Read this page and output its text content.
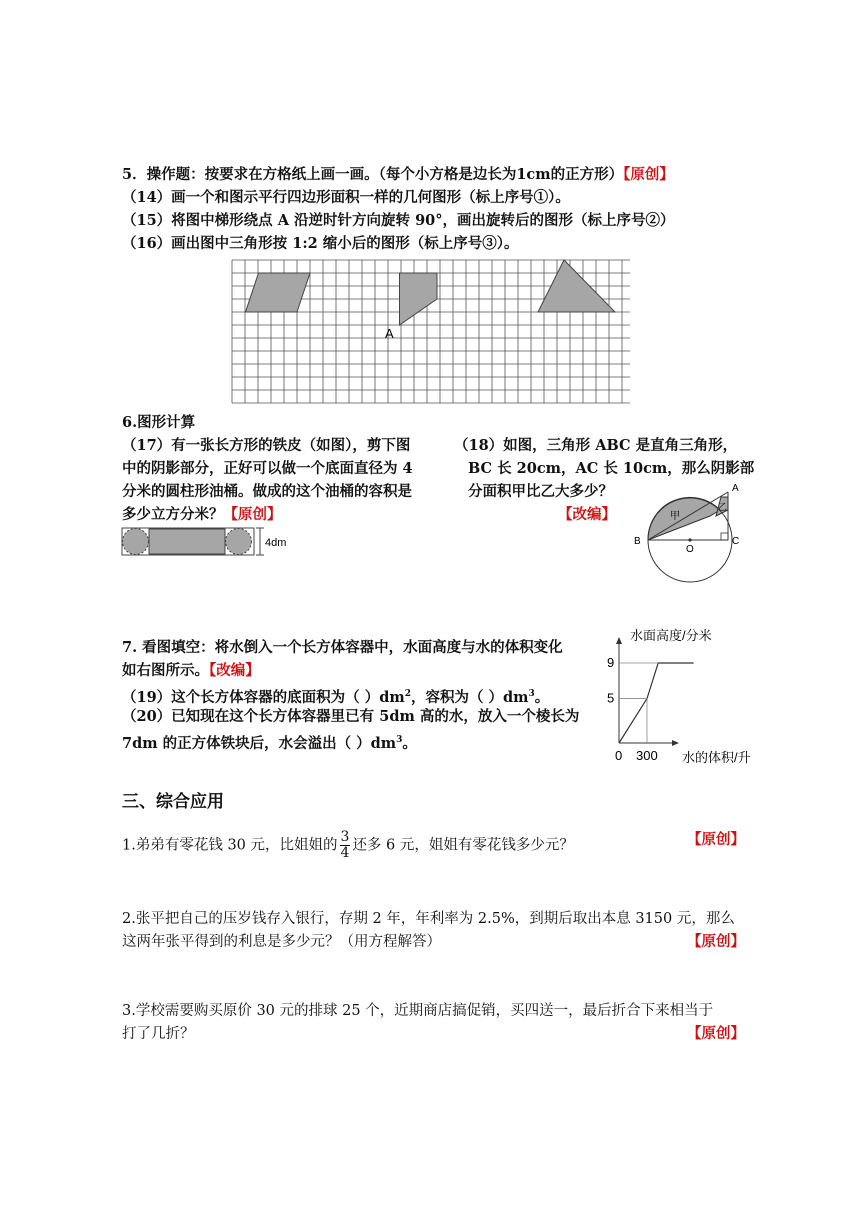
5．操作题：按要求在方格纸上画一画。（每个小方格是边长为1cm的正方形）【原创】
（14）画一个和图示平行四边形面积一样的几何图形（标上序号①）。
（15）将图中梯形绕点 A 沿逆时针方向旋转 90°，画出旋转后的图形（标上序号②）
（16）画出图中三角形按 1:2 缩小后的图形（标上序号③）。
A
6.图形计算
（17）有一张长方形的铁皮（如图），剪下图
中的阴影部分，正好可以做一个底面直径为 4
分米的圆柱形油桶。做成的这个油桶的容积是
多少立方分米？【原创】
4dm
（18）如图，三角形 ABC 是直角三角形，
BC 长 20cm，AC 长 10cm，那么阴影部
分面积甲比乙大多少？
【改编】
B	C
A
O
甲
乙
7. 看图填空：将水倒入一个长方体容器中，水面高度与水的体积变化
如右图所示。【改编】
（19）这个长方体容器的底面积为（ ）$dm^2$，容积为（ ）$dm^3$。
（20）已知现在这个长方体容器里已有 5dm 高的水，放入一个棱长为
7dm 的正方体铁块后，水会溢出（ ）$dm^3$。
9
5
0 300
水面高度/分米
水的体积/升
三、综合应用
1.弟弟有零花钱 30 元，比姐姐的 $\frac{3}{4}$ 还多 6 元，姐姐有零花钱多少元？	【原创】
2.张平把自己的压岁钱存入银行，存期 2 年，年利率为 2.5%，到期后取出本息 3150 元，那么
这两年张平得到的利息是多少元？（用方程解答）	【原创】
3.学校需要购买原价 30 元的排球 25 个，近期商店搞促销，买四送一，最后折合下来相当于
打了几折？	【原创】
